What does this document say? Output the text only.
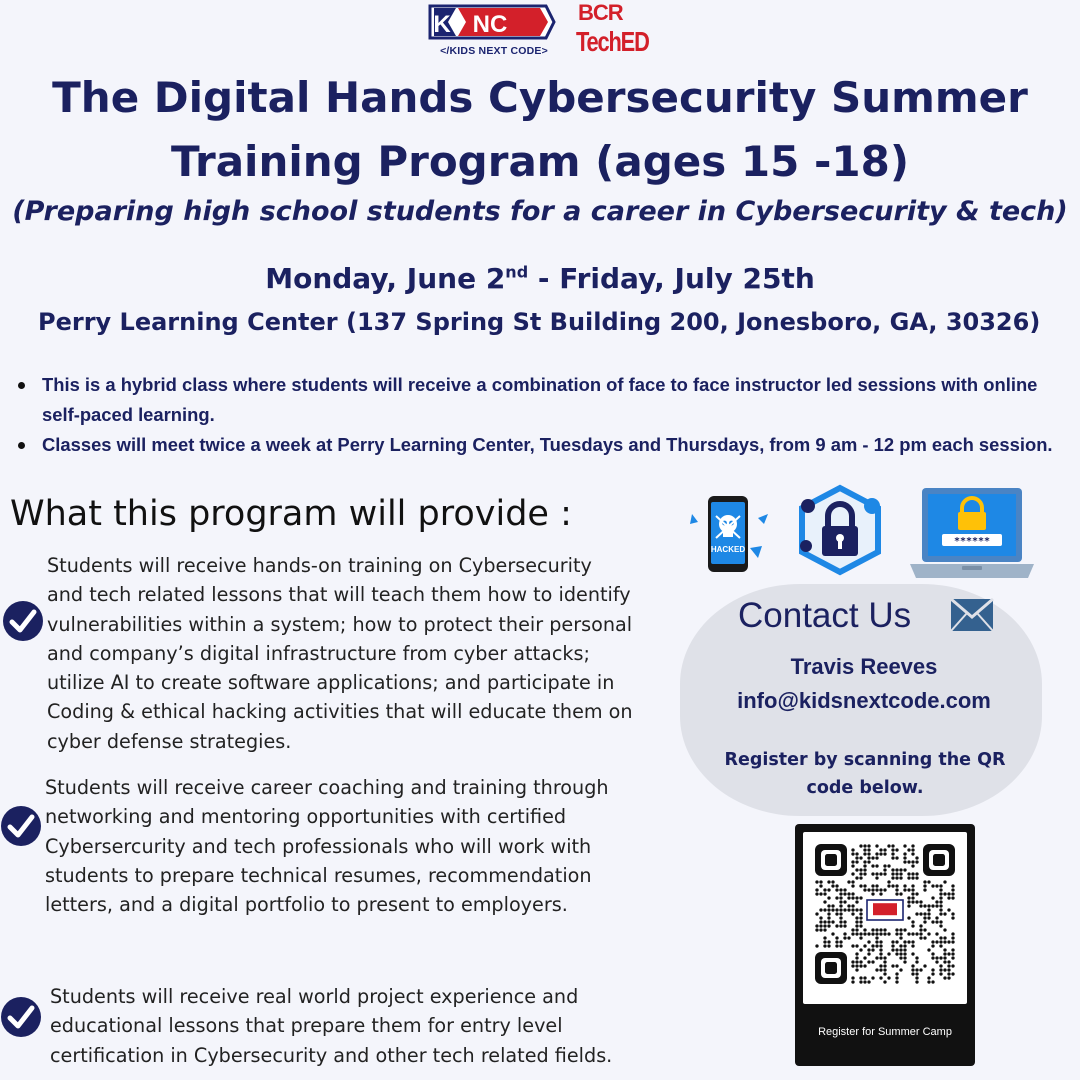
NC
K
</KIDS NEXT CODE>
BCR
TechED
The Digital Hands Cybersecurity Summer
Training Program (ages 15 -18)
(Preparing high school students for a career in Cybersecurity & tech)
Monday, June 2nd - Friday, July 25th
Perry Learning Center (137 Spring St Building 200, Jonesboro, GA, 30326)
This is a hybrid class where students will receive a combination of face to face instructor led sessions with online self-paced learning.
Classes will meet twice a week at Perry Learning Center, Tuesdays and Thursdays, from 9 am - 12 pm each session.
What this program will provide :
Students will receive hands-on training on Cybersecurity
and tech related lessons that will teach them how to identify
vulnerabilities within a system; how to protect their personal
and company’s digital infrastructure from cyber attacks;
utilize AI to create software applications; and participate in
Coding & ethical hacking activities that will educate them on
cyber defense strategies.
Students will receive career coaching and training through
networking and mentoring opportunities with certified
Cybersercurity and tech professionals who will work with
students to prepare technical resumes, recommendation
letters, and a digital portfolio to present to employers.
Students will receive real world project experience and
educational lessons that prepare them for entry level
certification in Cybersecurity and other tech related fields.
HACKED
******
Contact Us
Travis Reeves
info@kidsnextcode.com
Register by scanning the QR code below.
Register for Summer Camp
